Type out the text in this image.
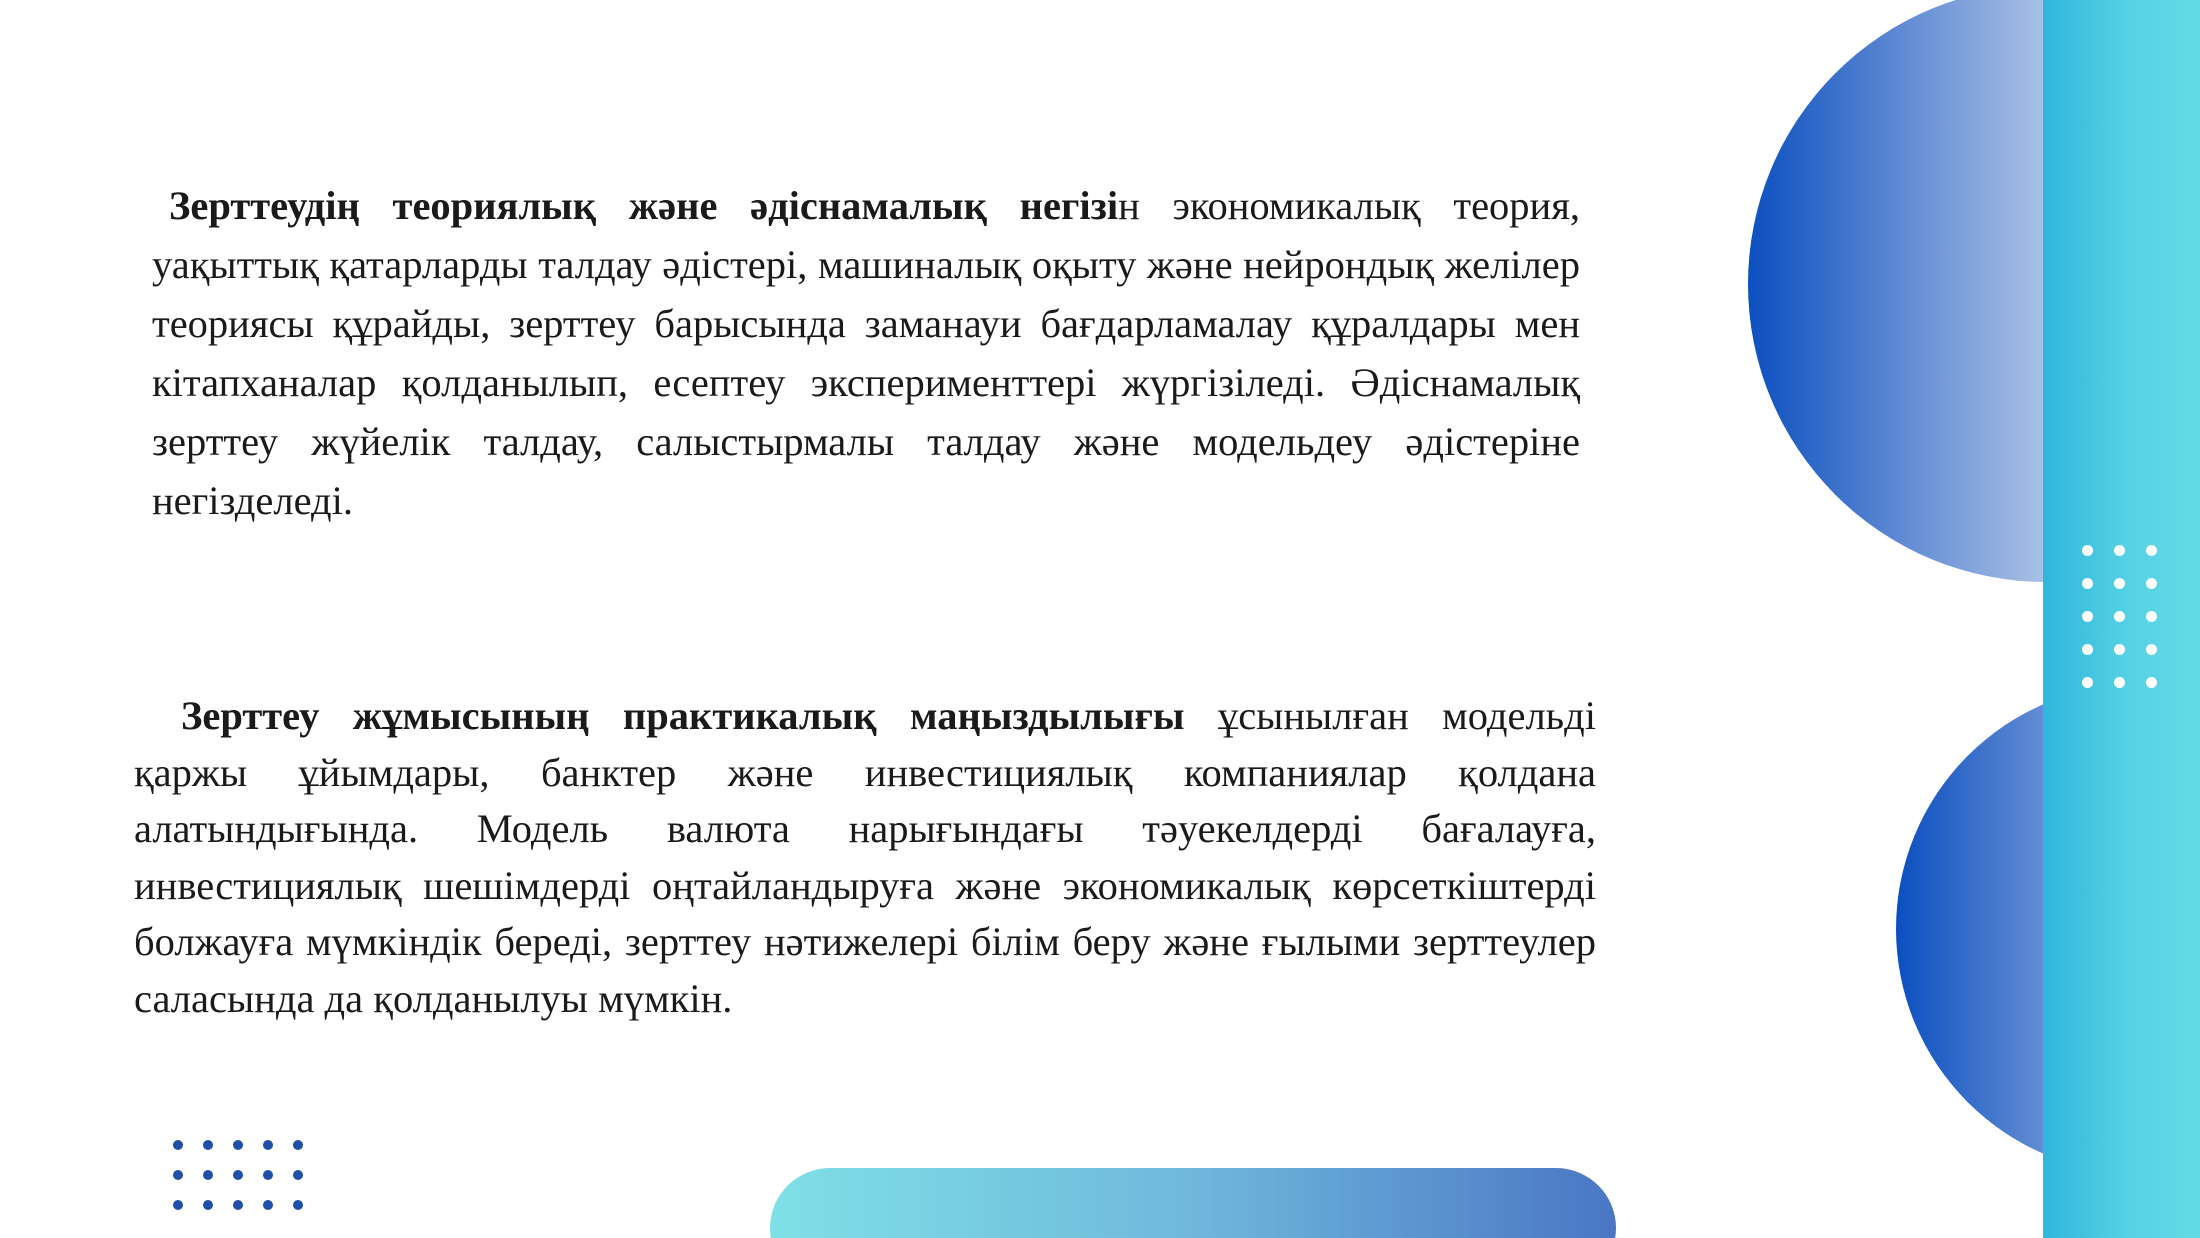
Зерттеудің теориялық және әдіснамалық негізін экономикалық теория, уақыттық қатарларды талдау әдістері, машиналық оқыту және нейрондық желілер теориясы құрайды, зерттеу барысында заманауи бағдарламалау құралдары мен кітапханалар қолданылып, есептеу эксперименттері жүргізіледі. Әдіснамалық зерттеу жүйелік талдау, салыстырмалы талдау және модельдеу әдістеріне негізделеді.

Зерттеу жұмысының практикалық маңыздылығы ұсынылған модельді қаржы ұйымдары, банктер және инвестициялық компаниялар қолдана алатындығында. Модель валюта нарығындағы тәуекелдерді бағалауға, инвестициялық шешімдерді оңтайландыруға және экономикалық көрсеткіштерді болжауға мүмкіндік береді, зерттеу нәтижелері білім беру және ғылыми зерттеулер саласында да қолданылуы мүмкін.
